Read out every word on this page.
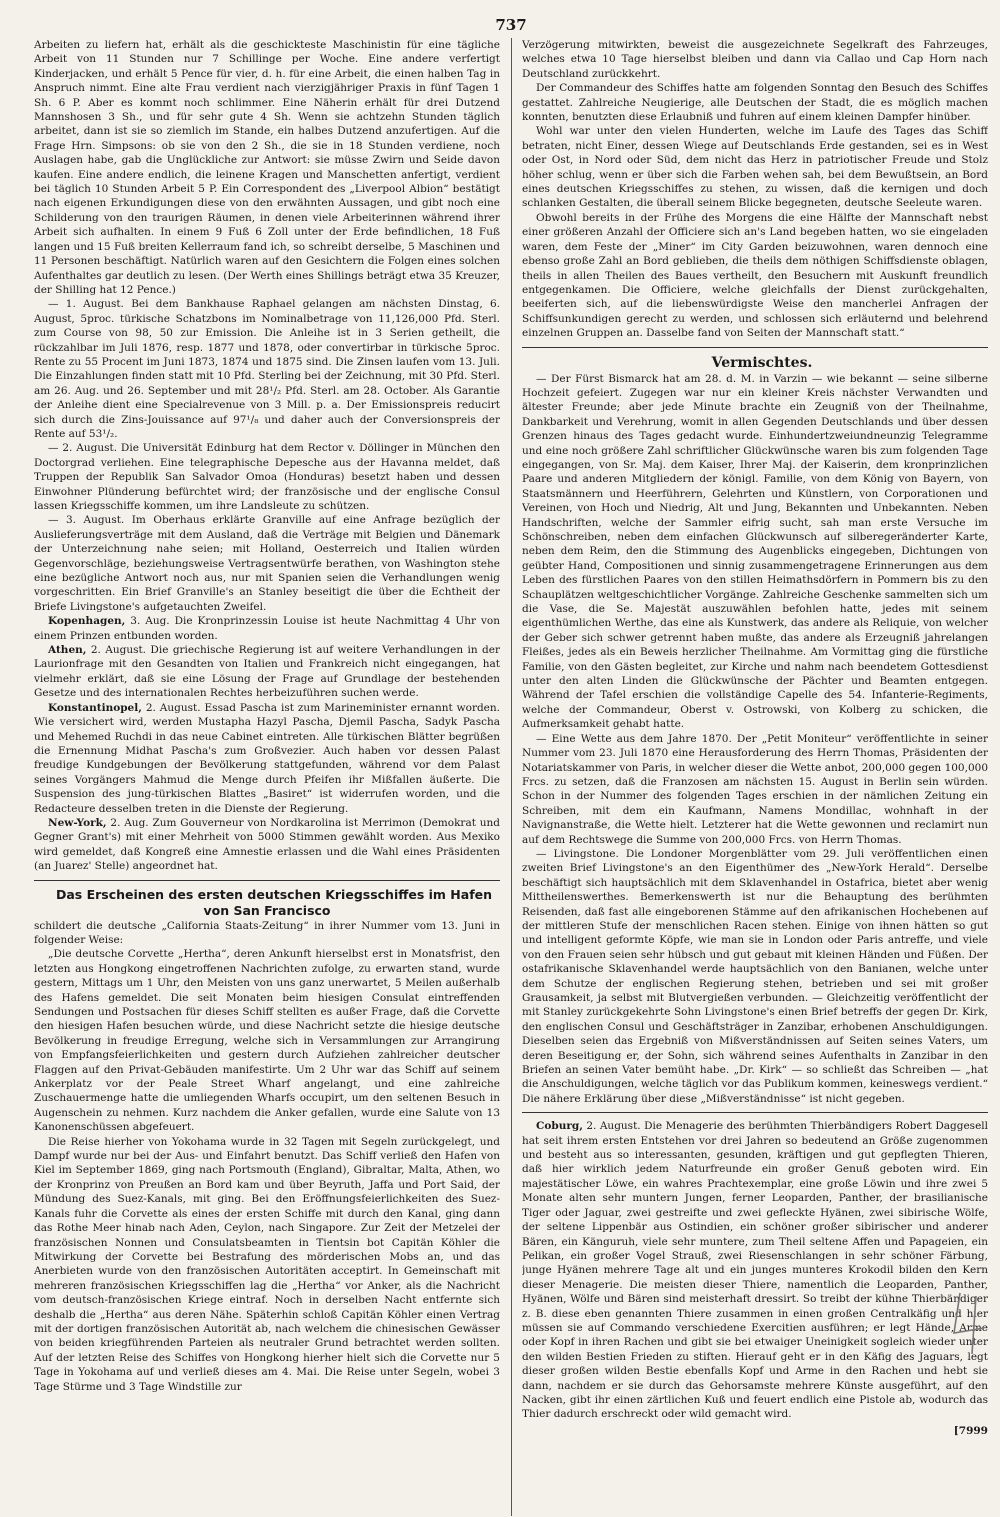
737

Arbeiten zu liefern hat, erhält als die geschickteste Maschinistin für eine tägliche Arbeit von 11 Stunden nur 7 Schillinge per Woche. Eine andere verfertigt Kinderjacken, und erhält 5 Pence für vier, d. h. für eine Arbeit, die einen halben Tag in Anspruch nimmt. Eine alte Frau verdient nach vierzigjähriger Praxis in fünf Tagen 1 Sh. 6 P. Aber es kommt noch schlimmer. Eine Näherin erhält für drei Dutzend Mannshosen 3 Sh., und für sehr gute 4 Sh. Wenn sie achtzehn Stunden täglich arbeitet, dann ist sie so ziemlich im Stande, ein halbes Dutzend anzufertigen. Auf die Frage Hrn. Simpsons: ob sie von den 2 Sh., die sie in 18 Stunden verdiene, noch Auslagen habe, gab die Unglückliche zur Antwort: sie müsse Zwirn und Seide davon kaufen. Eine andere endlich, die leinene Kragen und Manschetten anfertigt, verdient bei täglich 10 Stunden Arbeit 5 P. Ein Correspondent des „Liverpool Albion“ bestätigt nach eigenen Erkundigungen diese von den erwähnten Aussagen, und gibt noch eine Schilderung von den traurigen Räumen, in denen viele Arbeiterinnen während ihrer Arbeit sich aufhalten. In einem 9 Fuß 6 Zoll unter der Erde befindlichen, 18 Fuß langen und 15 Fuß breiten Kellerraum fand ich, so schreibt derselbe, 5 Maschinen und 11 Personen beschäftigt. Natürlich waren auf den Gesichtern die Folgen eines solchen Aufenthaltes gar deutlich zu lesen. (Der Werth eines Shillings beträgt etwa 35 Kreuzer, der Shilling hat 12 Pence.)

— 1. August. Bei dem Bankhause Raphael gelangen am nächsten Dinstag, 6. August, 5proc. türkische Schatzbons im Nominalbetrage von 11,126,000 Pfd. Sterl. zum Course von 98, 50 zur Emission. Die Anleihe ist in 3 Serien getheilt, die rückzahlbar im Juli 1876, resp. 1877 und 1878, oder convertirbar in türkische 5proc. Rente zu 55 Procent im Juni 1873, 1874 und 1875 sind. Die Zinsen laufen vom 13. Juli. Die Einzahlungen finden statt mit 10 Pfd. Sterling bei der Zeichnung, mit 30 Pfd. Sterl. am 26. Aug. und 26. September und mit 28¹/₂ Pfd. Sterl. am 28. October. Als Garantie der Anleihe dient eine Specialrevenue von 3 Mill. p. a. Der Emissionspreis reducirt sich durch die Zins-Jouissance auf 97¹/₈ und daher auch der Conversionspreis der Rente auf 53¹/₂.

— 2. August. Die Universität Edinburg hat dem Rector v. Döllinger in München den Doctorgrad verliehen. Eine telegraphische Depesche aus der Havanna meldet, daß Truppen der Republik San Salvador Omoa (Honduras) besetzt haben und dessen Einwohner Plünderung befürchtet wird; der französische und der englische Consul lassen Kriegsschiffe kommen, um ihre Landsleute zu schützen.

— 3. August. Im Oberhaus erklärte Granville auf eine Anfrage bezüglich der Auslieferungsverträge mit dem Ausland, daß die Verträge mit Belgien und Dänemark der Unterzeichnung nahe seien; mit Holland, Oesterreich und Italien würden Gegenvorschläge, beziehungsweise Vertragsentwürfe berathen, von Washington stehe eine bezügliche Antwort noch aus, nur mit Spanien seien die Verhandlungen wenig vorgeschritten. Ein Brief Granville's an Stanley beseitigt die über die Echtheit der Briefe Livingstone's aufgetauchten Zweifel.

Kopenhagen, 3. Aug. Die Kronprinzessin Louise ist heute Nachmittag 4 Uhr von einem Prinzen entbunden worden.

Athen, 2. August. Die griechische Regierung ist auf weitere Verhandlungen in der Laurionfrage mit den Gesandten von Italien und Frankreich nicht eingegangen, hat vielmehr erklärt, daß sie eine Lösung der Frage auf Grundlage der bestehenden Gesetze und des internationalen Rechtes herbeizuführen suchen werde.

Konstantinopel, 2. August. Essad Pascha ist zum Marineminister ernannt worden. Wie versichert wird, werden Mustapha Hazyl Pascha, Djemil Pascha, Sadyk Pascha und Mehemed Ruchdi in das neue Cabinet eintreten. Alle türkischen Blätter begrüßen die Ernennung Midhat Pascha's zum Großvezier. Auch haben vor dessen Palast freudige Kundgebungen der Bevölkerung stattgefunden, während vor dem Palast seines Vorgängers Mahmud die Menge durch Pfeifen ihr Mißfallen äußerte. Die Suspension des jung-türkischen Blattes „Basiret“ ist widerrufen worden, und die Redacteure desselben treten in die Dienste der Regierung.

New-York, 2. Aug. Zum Gouverneur von Nordkarolina ist Merrimon (Demokrat und Gegner Grant's) mit einer Mehrheit von 5000 Stimmen gewählt worden. Aus Mexiko wird gemeldet, daß Kongreß eine Amnestie erlassen und die Wahl eines Präsidenten (an Juarez' Stelle) angeordnet hat.

Das Erscheinen des ersten deutschen Kriegsschiffes im Hafen von San Francisco

schildert die deutsche „California Staats-Zeitung“ in ihrer Nummer vom 13. Juni in folgender Weise:

„Die deutsche Corvette „Hertha“, deren Ankunft hierselbst erst in Monatsfrist, den letzten aus Hongkong eingetroffenen Nachrichten zufolge, zu erwarten stand, wurde gestern, Mittags um 1 Uhr, den Meisten von uns ganz unerwartet, 5 Meilen außerhalb des Hafens gemeldet. Die seit Monaten beim hiesigen Consulat eintreffenden Sendungen und Postsachen für dieses Schiff stellten es außer Frage, daß die Corvette den hiesigen Hafen besuchen würde, und diese Nachricht setzte die hiesige deutsche Bevölkerung in freudige Erregung, welche sich in Versammlungen zur Arrangirung von Empfangsfeierlichkeiten und gestern durch Aufziehen zahlreicher deutscher Flaggen auf den Privat-Gebäuden manifestirte. Um 2 Uhr war das Schiff auf seinem Ankerplatz vor der Peale Street Wharf angelangt, und eine zahlreiche Zuschauermenge hatte die umliegenden Wharfs occupirt, um den seltenen Besuch in Augenschein zu nehmen. Kurz nachdem die Anker gefallen, wurde eine Salute von 13 Kanonenschüssen abgefeuert.

Die Reise hierher von Yokohama wurde in 32 Tagen mit Segeln zurückgelegt, und Dampf wurde nur bei der Aus- und Einfahrt benutzt. Das Schiff verließ den Hafen von Kiel im September 1869, ging nach Portsmouth (England), Gibraltar, Malta, Athen, wo der Kronprinz von Preußen an Bord kam und über Beyruth, Jaffa und Port Said, der Mündung des Suez-Kanals, mit ging. Bei den Eröffnungsfeierlichkeiten des Suez-Kanals fuhr die Corvette als eines der ersten Schiffe mit durch den Kanal, ging dann das Rothe Meer hinab nach Aden, Ceylon, nach Singapore. Zur Zeit der Metzelei der französischen Nonnen und Consulatsbeamten in Tientsin bot Capitän Köhler die Mitwirkung der Corvette bei Bestrafung des mörderischen Mobs an, und das Anerbieten wurde von den französischen Autoritäten acceptirt. In Gemeinschaft mit mehreren französischen Kriegsschiffen lag die „Hertha“ vor Anker, als die Nachricht vom deutsch-französischen Kriege eintraf. Noch in derselben Nacht entfernte sich deshalb die „Hertha“ aus deren Nähe. Späterhin schloß Capitän Köhler einen Vertrag mit der dortigen französischen Autorität ab, nach welchem die chinesischen Gewässer von beiden kriegführenden Parteien als neutraler Grund betrachtet werden sollten. Auf der letzten Reise des Schiffes von Hongkong hierher hielt sich die Corvette nur 5 Tage in Yokohama auf und verließ dieses am 4. Mai. Die Reise unter Segeln, wobei 3 Tage Stürme und 3 Tage Windstille zur

Verzögerung mitwirkten, beweist die ausgezeichnete Segelkraft des Fahrzeuges, welches etwa 10 Tage hierselbst bleiben und dann via Callao und Cap Horn nach Deutschland zurückkehrt.

Der Commandeur des Schiffes hatte am folgenden Sonntag den Besuch des Schiffes gestattet. Zahlreiche Neugierige, alle Deutschen der Stadt, die es möglich machen konnten, benutzten diese Erlaubniß und fuhren auf einem kleinen Dampfer hinüber.

Wohl war unter den vielen Hunderten, welche im Laufe des Tages das Schiff betraten, nicht Einer, dessen Wiege auf Deutschlands Erde gestanden, sei es in West oder Ost, in Nord oder Süd, dem nicht das Herz in patriotischer Freude und Stolz höher schlug, wenn er über sich die Farben wehen sah, bei dem Bewußtsein, an Bord eines deutschen Kriegsschiffes zu stehen, zu wissen, daß die kernigen und doch schlanken Gestalten, die überall seinem Blicke begegneten, deutsche Seeleute waren.

Obwohl bereits in der Frühe des Morgens die eine Hälfte der Mannschaft nebst einer größeren Anzahl der Officiere sich an's Land begeben hatten, wo sie eingeladen waren, dem Feste der „Miner“ im City Garden beizuwohnen, waren dennoch eine ebenso große Zahl an Bord geblieben, die theils dem nöthigen Schiffsdienste oblagen, theils in allen Theilen des Baues vertheilt, den Besuchern mit Auskunft freundlich entgegenkamen. Die Officiere, welche gleichfalls der Dienst zurückgehalten, beeiferten sich, auf die liebenswürdigste Weise den mancherlei Anfragen der Schiffsunkundigen gerecht zu werden, und schlossen sich erläuternd und belehrend einzelnen Gruppen an. Dasselbe fand von Seiten der Mannschaft statt.“

Vermischtes.

— Der Fürst Bismarck hat am 28. d. M. in Varzin — wie bekannt — seine silberne Hochzeit gefeiert. Zugegen war nur ein kleiner Kreis nächster Verwandten und ältester Freunde; aber jede Minute brachte ein Zeugniß von der Theilnahme, Dankbarkeit und Verehrung, womit in allen Gegenden Deutschlands und über dessen Grenzen hinaus des Tages gedacht wurde. Einhundertzweiundneunzig Telegramme und eine noch größere Zahl schriftlicher Glückwünsche waren bis zum folgenden Tage eingegangen, von Sr. Maj. dem Kaiser, Ihrer Maj. der Kaiserin, dem kronprinzlichen Paare und anderen Mitgliedern der königl. Familie, von dem König von Bayern, von Staatsmännern und Heerführern, Gelehrten und Künstlern, von Corporationen und Vereinen, von Hoch und Niedrig, Alt und Jung, Bekannten und Unbekannten. Neben Handschriften, welche der Sammler eifrig sucht, sah man erste Versuche im Schönschreiben, neben dem einfachen Glückwunsch auf silberegeränderter Karte, neben dem Reim, den die Stimmung des Augenblicks eingegeben, Dichtungen von geübter Hand, Compositionen und sinnig zusammengetragene Erinnerungen aus dem Leben des fürstlichen Paares von den stillen Heimathsdörfern in Pommern bis zu den Schauplätzen weltgeschichtlicher Vorgänge. Zahlreiche Geschenke sammelten sich um die Vase, die Se. Majestät auszuwählen befohlen hatte, jedes mit seinem eigenthümlichen Werthe, das eine als Kunstwerk, das andere als Reliquie, von welcher der Geber sich schwer getrennt haben mußte, das andere als Erzeugniß jahrelangen Fleißes, jedes als ein Beweis herzlicher Theilnahme. Am Vormittag ging die fürstliche Familie, von den Gästen begleitet, zur Kirche und nahm nach beendetem Gottesdienst unter den alten Linden die Glückwünsche der Pächter und Beamten entgegen. Während der Tafel erschien die vollständige Capelle des 54. Infanterie-Regiments, welche der Commandeur, Oberst v. Ostrowski, von Kolberg zu schicken, die Aufmerksamkeit gehabt hatte.

— Eine Wette aus dem Jahre 1870. Der „Petit Moniteur“ veröffentlichte in seiner Nummer vom 23. Juli 1870 eine Herausforderung des Herrn Thomas, Präsidenten der Notariatskammer von Paris, in welcher dieser die Wette anbot, 200,000 gegen 100,000 Frcs. zu setzen, daß die Franzosen am nächsten 15. August in Berlin sein würden. Schon in der Nummer des folgenden Tages erschien in der nämlichen Zeitung ein Schreiben, mit dem ein Kaufmann, Namens Mondillac, wohnhaft in der Navignanstraße, die Wette hielt. Letzterer hat die Wette gewonnen und reclamirt nun auf dem Rechtswege die Summe von 200,000 Frcs. von Herrn Thomas.

— Livingstone. Die Londoner Morgenblätter vom 29. Juli veröffentlichen einen zweiten Brief Livingstone's an den Eigenthümer des „New-York Herald“. Derselbe beschäftigt sich hauptsächlich mit dem Sklavenhandel in Ostafrica, bietet aber wenig Mittheilenswerthes. Bemerkenswerth ist nur die Behauptung des berühmten Reisenden, daß fast alle eingeborenen Stämme auf den afrikanischen Hochebenen auf der mittleren Stufe der menschlichen Racen stehen. Einige von ihnen hätten so gut und intelligent geformte Köpfe, wie man sie in London oder Paris antreffe, und viele von den Frauen seien sehr hübsch und gut gebaut mit kleinen Händen und Füßen. Der ostafrikanische Sklavenhandel werde hauptsächlich von den Banianen, welche unter dem Schutze der englischen Regierung stehen, betrieben und sei mit großer Grausamkeit, ja selbst mit Blutvergießen verbunden. — Gleichzeitig veröffentlicht der mit Stanley zurückgekehrte Sohn Livingstone's einen Brief betreffs der gegen Dr. Kirk, den englischen Consul und Geschäftsträger in Zanzibar, erhobenen Anschuldigungen. Dieselben seien das Ergebniß von Mißverständnissen auf Seiten seines Vaters, um deren Beseitigung er, der Sohn, sich während seines Aufenthalts in Zanzibar in den Briefen an seinen Vater bemüht habe. „Dr. Kirk“ — so schließt das Schreiben — „hat die Anschuldigungen, welche täglich vor das Publikum kommen, keineswegs verdient.“ Die nähere Erklärung über diese „Mißverständnisse“ ist nicht gegeben.

Coburg, 2. August. Die Menagerie des berühmten Thierbändigers Robert Daggesell hat seit ihrem ersten Entstehen vor drei Jahren so bedeutend an Größe zugenommen und besteht aus so interessanten, gesunden, kräftigen und gut gepflegten Thieren, daß hier wirklich jedem Naturfreunde ein großer Genuß geboten wird. Ein majestätischer Löwe, ein wahres Prachtexemplar, eine große Löwin und ihre zwei 5 Monate alten sehr muntern Jungen, ferner Leoparden, Panther, der brasilianische Tiger oder Jaguar, zwei gestreifte und zwei gefleckte Hyänen, zwei sibirische Wölfe, der seltene Lippenbär aus Ostindien, ein schöner großer sibirischer und anderer Bären, ein Känguruh, viele sehr muntere, zum Theil seltene Affen und Papageien, ein Pelikan, ein großer Vogel Strauß, zwei Riesenschlangen in sehr schöner Färbung, junge Hyänen mehrere Tage alt und ein junges munteres Krokodil bilden den Kern dieser Menagerie. Die meisten dieser Thiere, namentlich die Leoparden, Panther, Hyänen, Wölfe und Bären sind meisterhaft dressirt. So treibt der kühne Thierbändiger z. B. diese eben genannten Thiere zusammen in einen großen Centralkäfig und hier müssen sie auf Commando verschiedene Exercitien ausführen; er legt Hände, Arme oder Kopf in ihren Rachen und gibt sie bei etwaiger Uneinigkeit sogleich wieder unter den wilden Bestien Frieden zu stiften. Hierauf geht er in den Käfig des Jaguars, legt dieser großen wilden Bestie ebenfalls Kopf und Arme in den Rachen und hebt sie dann, nachdem er sie durch das Gehorsamste mehrere Künste ausgeführt, auf den Nacken, gibt ihr einen zärtlichen Kuß und feuert endlich eine Pistole ab, wodurch das Thier dadurch erschreckt oder wild gemacht wird.

[7999
